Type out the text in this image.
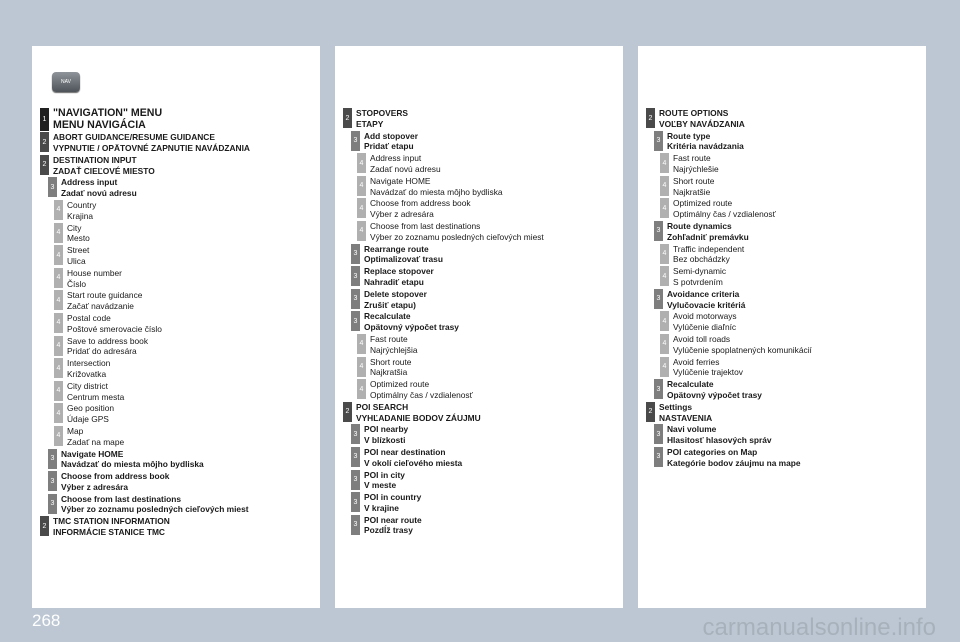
NAV
1
"NAVIGATION" MENU
MENU NAVIGÁCIA
2 ABORT GUIDANCE/RESUME GUIDANCE
VYPNUTIE / OPÄTOVNÉ ZAPNUTIE NAVÁDZANIA
2 DESTINATION INPUT
ZADAŤ CIEĽOVÉ MIESTO
3 Address input
Zadať novú adresu
4 Country
Krajina
4 City
Mesto
4 Street
Ulica
4 House number
Číslo
4 Start route guidance
Začať navádzanie
4 Postal code
Poštové smerovacie číslo
4 Save to address book
Pridať do adresára
4 Intersection
Križovatka
4 City district
Centrum mesta
4 Geo position
Údaje GPS
4 Map
Zadať na mape
3 Navigate HOME
Navádzať do miesta môjho bydliska
3 Choose from address book
Výber z adresára
3 Choose from last destinations
Výber zo zoznamu posledných cieľových miest
2 TMC STATION INFORMATION
INFORMÁCIE STANICE TMC
2 STOPOVERS
ETAPY
3 Add stopover
Pridať etapu
4 Address input
Zadať novú adresu
4 Navigate HOME
Navádzať do miesta môjho bydliska
4 Choose from address book
Výber z adresára
4 Choose from last destinations
Výber zo zoznamu posledných cieľových miest
3 Rearrange route
Optimalizovať trasu
3 Replace stopover
Nahradiť etapu
3 Delete stopover
Zrušiť etapu)
3 Recalculate
Opätovný výpočet trasy
4 Fast route
Najrýchlejšia
4 Short route
Najkratšia
4 Optimized route
Optimálny čas / vzdialenosť
2 POI SEARCH
VYHĽADANIE BODOV ZÁUJMU
3 POI nearby
V blízkosti
3 POI near destination
V okolí cieľového miesta
3 POI in city
V meste
3 POI in country
V krajine
3 POI near route
Pozdĺž trasy
2 ROUTE OPTIONS
VOĽBY NAVÁDZANIA
3 Route type
Kritéria navádzania
4 Fast route
Najrýchlešie
4 Short route
Najkratšie
4 Optimized route
Optimálny čas / vzdialenosť
3 Route dynamics
Zohľadniť premávku
4 Traffic independent
Bez obchádzky
4 Semi-dynamic
S potvrdením
3 Avoidance criteria
Vylučovacie kritériá
4 Avoid motorways
Vylúčenie diaľníc
4 Avoid toll roads
Vylúčenie spoplatnených komunikácií
4 Avoid ferries
Vylúčenie trajektov
3 Recalculate
Opätovný výpočet trasy
2 Settings
NASTAVENIA
3 Navi volume
Hlasitosť hlasových správ
3 POI categories on Map
Kategórie bodov záujmu na mape
268	carmanualsonline.info
